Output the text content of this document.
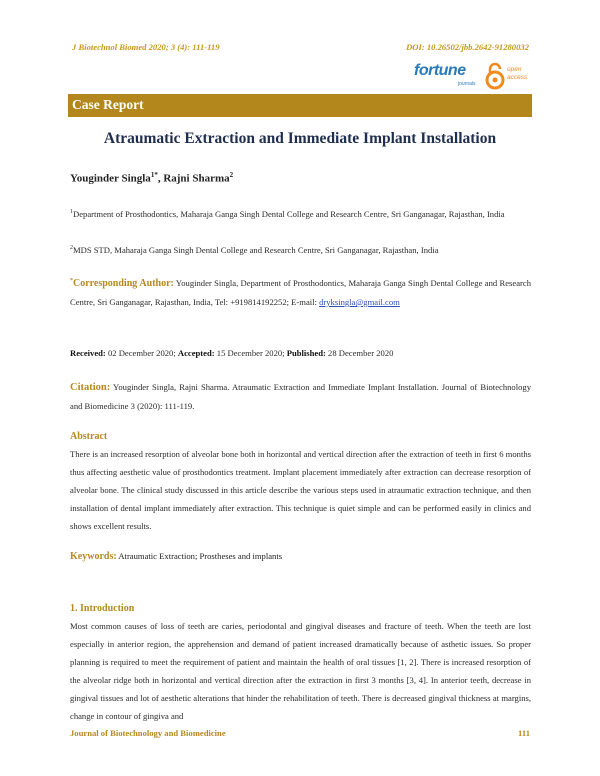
J Biotechnol Biomed 2020; 3 (4): 111-119	DOI: 10.26502/jbb.2642-91280032
fortune
journals
open access
Case Report
Atraumatic Extraction and Immediate Implant Installation
Youginder Singla$^{1*}$, Rajni Sharma$^2$
$^1$Department of Prosthodontics, Maharaja Ganga Singh Dental College and Research Centre, Sri Ganganagar, Rajasthan, India
$^2$MDS STD, Maharaja Ganga Singh Dental College and Research Centre, Sri Ganganagar, Rajasthan, India
*Corresponding Author: Youginder Singla, Department of Prosthodontics, Maharaja Ganga Singh Dental College and Research Centre, Sri Ganganagar, Rajasthan, India, Tel: +919814192252; E-mail: dryksingla@gmail.com
Received: 02 December 2020; Accepted: 15 December 2020; Published: 28 December 2020
Citation: Youginder Singla, Rajni Sharma. Atraumatic Extraction and Immediate Implant Installation. Journal of Biotechnology and Biomedicine 3 (2020): 111-119.
Abstract
There is an increased resorption of alveolar bone both in horizontal and vertical direction after the extraction of teeth in first 6 months thus affecting aesthetic value of prosthodontics treatment. Implant placement immediately after extraction can decrease resorption of alveolar bone. The clinical study discussed in this article describe the various steps used in atraumatic extraction technique, and then installation of dental implant immediately after extraction. This technique is quiet simple and can be performed easily in clinics and shows excellent results.
Keywords: Atraumatic Extraction; Prostheses and implants
1. Introduction
Most common causes of loss of teeth are caries, periodontal and gingival diseases and fracture of teeth. When the teeth are lost especially in anterior region, the apprehension and demand of patient increased dramatically because of asthetic issues. So proper planning is required to meet the requirement of patient and maintain the health of oral tissues [1, 2]. There is increased resorption of the alveolar ridge both in horizontal and vertical direction after the extraction in first 3 months [3, 4]. In anterior teeth, decrease in gingival tissues and lot of aesthetic alterations that hinder the rehabilitation of teeth. There is decreased gingival thickness at margins, change in contour of gingiva and
Journal of Biotechnology and Biomedicine	111
